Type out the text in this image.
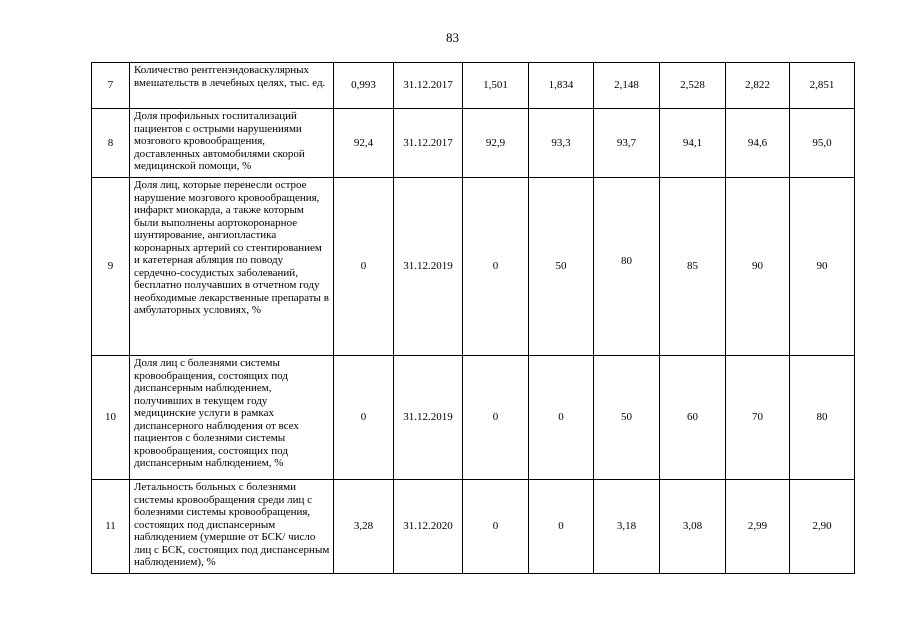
83
7	Количество рентгенэндоваскулярных вмешательств в лечебных целях, тыс. ед.	0,993	31.12.2017	1,501	1,834	2,148	2,528	2,822	2,851
8	Доля профильных госпитализаций пациентов с острыми нарушениями мозгового кровообращения, доставленных автомобилями скорой медицинской помощи, %	92,4	31.12.2017	92,9	93,3	93,7	94,1	94,6	95,0
9	Доля лиц, которые перенесли острое нарушение мозгового кровообращения, инфаркт миокарда, а также которым были выполнены аортокоронарное шунтирование, ангиопластика коронарных артерий со стентированием и катетерная абляция по поводу сердечно-сосудистых заболеваний, бесплатно получавших в отчетном году необходимые лекарственные препараты в амбулаторных условиях, %	0	31.12.2019	0	50	80	85	90	90
10	Доля лиц с болезнями системы кровообращения, состоящих под диспансерным наблюдением, получивших в текущем году медицинские услуги в рамках диспансерного наблюдения от всех пациентов с болезнями системы кровообращения, состоящих под диспансерным наблюдением, %	0	31.12.2019	0	0	50	60	70	80
11	Летальность больных с болезнями системы кровообращения среди лиц с болезнями системы кровообращения, состоящих под диспансерным наблюдением (умершие от БСК/ число лиц с БСК, состоящих под диспансерным наблюдением), %	3,28	31.12.2020	0	0	3,18	3,08	2,99	2,90
